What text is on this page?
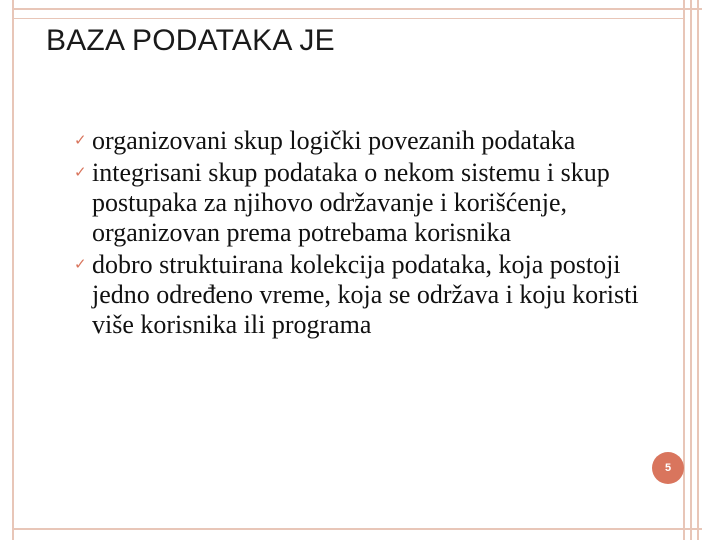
BAZA PODATAKA JE

✓ organizovani skup logički povezanih podataka

✓ integrisani skup podataka o nekom sistemu i skup postupaka za njihovo održavanje i korišćenje, organizovan prema potrebama korisnika

✓ dobro struktuirana kolekcija podataka, koja postoji jedno određeno vreme, koja se održava i koju koristi više korisnika ili programa

5
